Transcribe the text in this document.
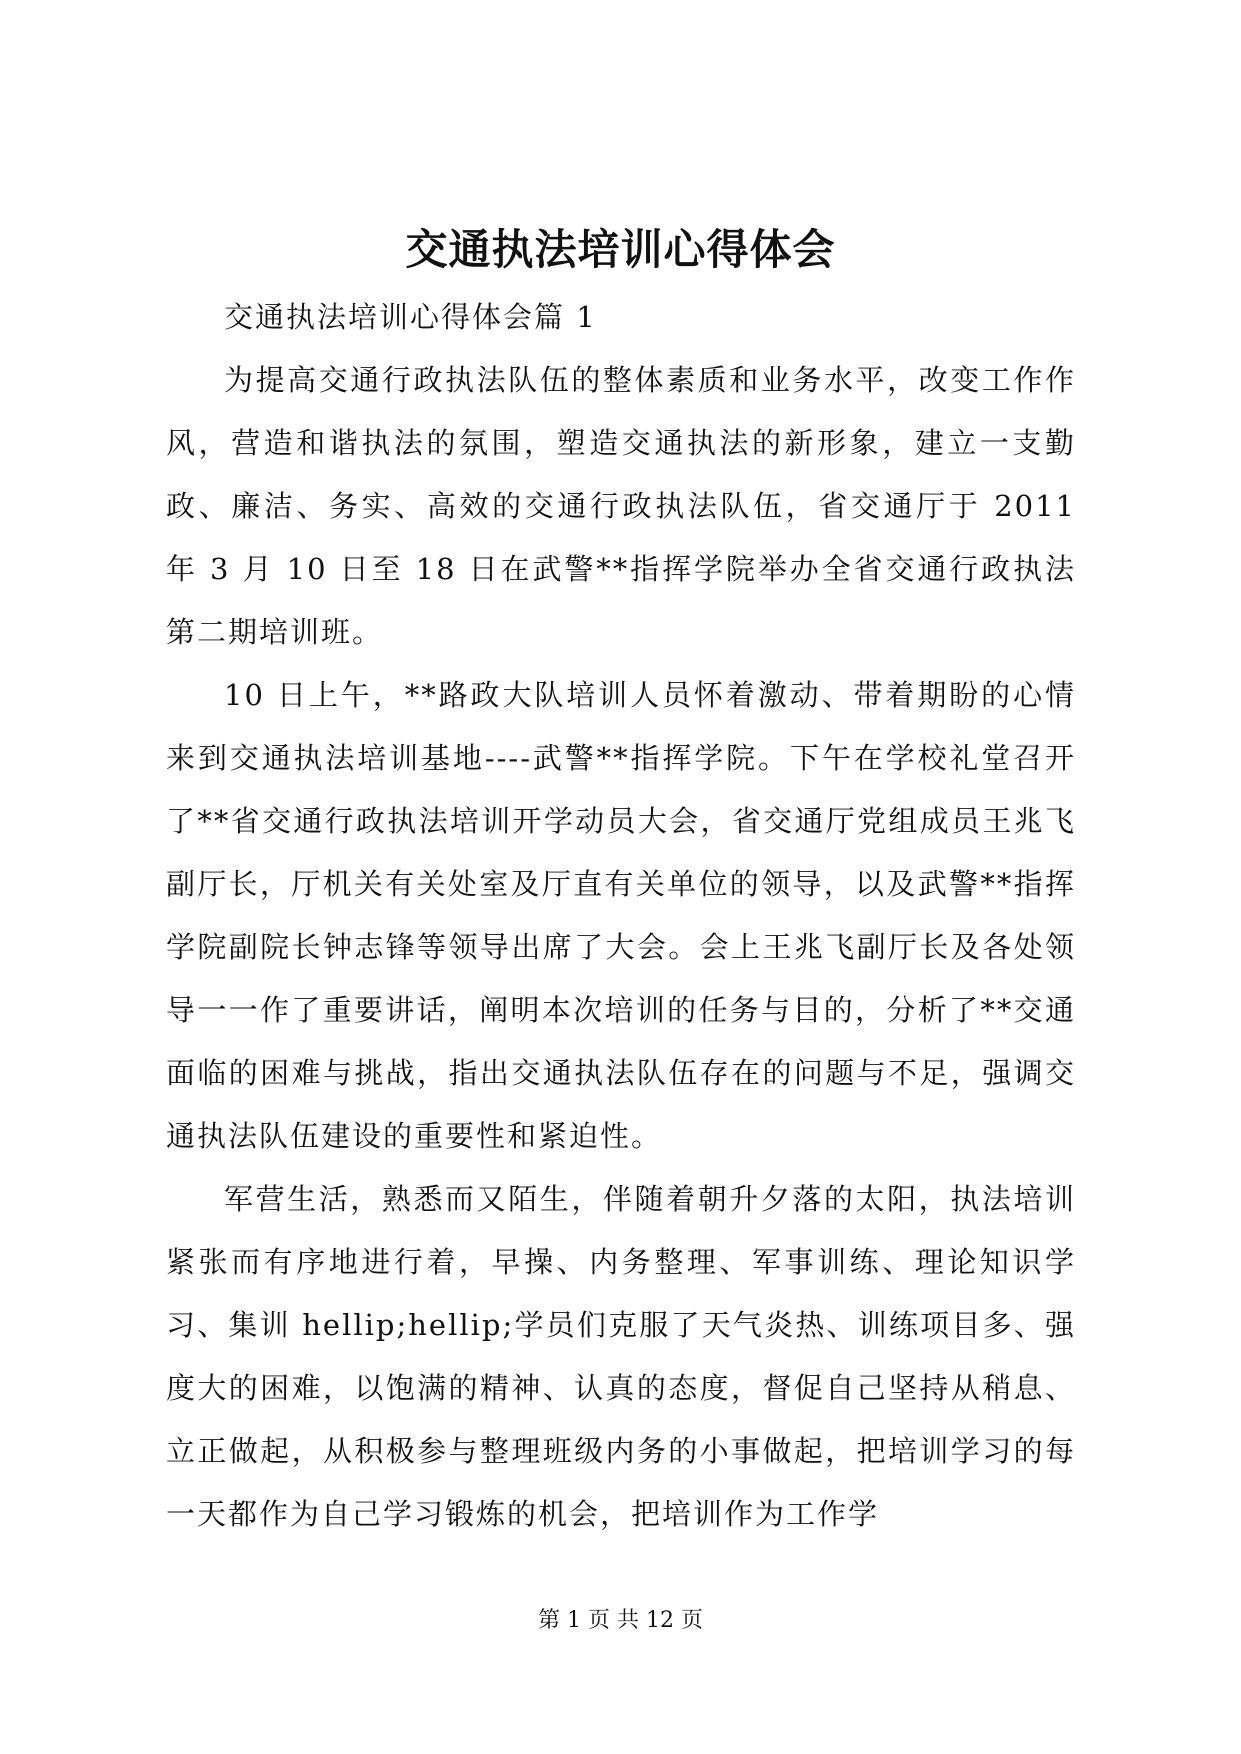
交通执法培训心得体会

交通执法培训心得体会篇 1

为提高交通行政执法队伍的整体素质和业务水平，改变工作作风，营造和谐执法的氛围，塑造交通执法的新形象，建立一支勤政、廉洁、务实、高效的交通行政执法队伍，省交通厅于 2011 年 3 月 10 日至 18 日在武警**指挥学院举办全省交通行政执法第二期培训班。

10 日上午，**路政大队培训人员怀着激动、带着期盼的心情来到交通执法培训基地----武警**指挥学院。下午在学校礼堂召开了**省交通行政执法培训开学动员大会，省交通厅党组成员王兆飞副厅长，厅机关有关处室及厅直有关单位的领导，以及武警**指挥学院副院长钟志锋等领导出席了大会。会上王兆飞副厅长及各处领导一一作了重要讲话，阐明本次培训的任务与目的，分析了**交通面临的困难与挑战，指出交通执法队伍存在的问题与不足，强调交通执法队伍建设的重要性和紧迫性。

军营生活，熟悉而又陌生，伴随着朝升夕落的太阳，执法培训紧张而有序地进行着，早操、内务整理、军事训练、理论知识学习、集训 hellip;hellip;学员们克服了天气炎热、训练项目多、强度大的困难，以饱满的精神、认真的态度，督促自己坚持从稍息、立正做起，从积极参与整理班级内务的小事做起，把培训学习的每一天都作为自己学习锻炼的机会，把培训作为工作学

第 1 页 共 12 页
